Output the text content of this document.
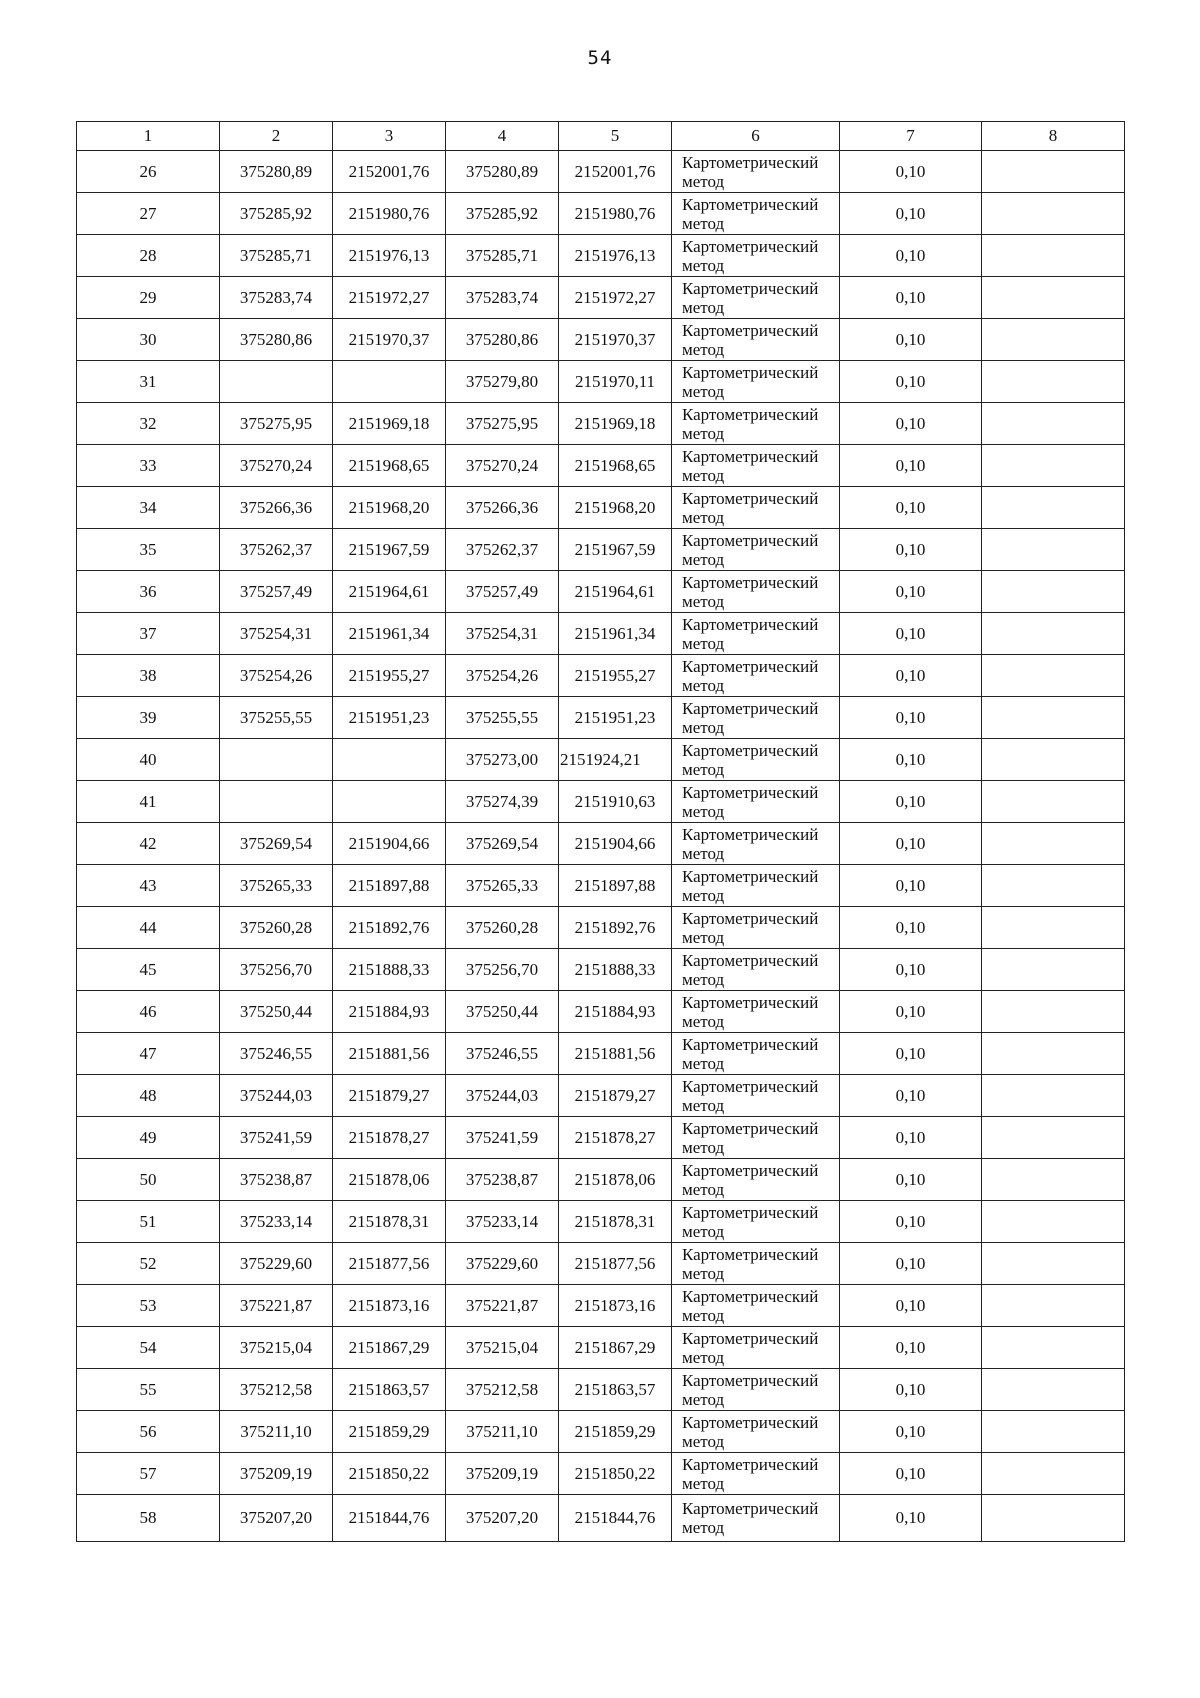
54
1	2	3	4	5	6	7	8
26	375280,89	2152001,76	375280,89	2152001,76	Картометрический метод	0,10	
27	375285,92	2151980,76	375285,92	2151980,76	Картометрический метод	0,10	
28	375285,71	2151976,13	375285,71	2151976,13	Картометрический метод	0,10	
29	375283,74	2151972,27	375283,74	2151972,27	Картометрический метод	0,10	
30	375280,86	2151970,37	375280,86	2151970,37	Картометрический метод	0,10	
31			375279,80	2151970,11	Картометрический метод	0,10	
32	375275,95	2151969,18	375275,95	2151969,18	Картометрический метод	0,10	
33	375270,24	2151968,65	375270,24	2151968,65	Картометрический метод	0,10	
34	375266,36	2151968,20	375266,36	2151968,20	Картометрический метод	0,10	
35	375262,37	2151967,59	375262,37	2151967,59	Картометрический метод	0,10	
36	375257,49	2151964,61	375257,49	2151964,61	Картометрический метод	0,10	
37	375254,31	2151961,34	375254,31	2151961,34	Картометрический метод	0,10	
38	375254,26	2151955,27	375254,26	2151955,27	Картометрический метод	0,10	
39	375255,55	2151951,23	375255,55	2151951,23	Картометрический метод	0,10	
40			375273,00	2151924,21	Картометрический метод	0,10	
41			375274,39	2151910,63	Картометрический метод	0,10	
42	375269,54	2151904,66	375269,54	2151904,66	Картометрический метод	0,10	
43	375265,33	2151897,88	375265,33	2151897,88	Картометрический метод	0,10	
44	375260,28	2151892,76	375260,28	2151892,76	Картометрический метод	0,10	
45	375256,70	2151888,33	375256,70	2151888,33	Картометрический метод	0,10	
46	375250,44	2151884,93	375250,44	2151884,93	Картометрический метод	0,10	
47	375246,55	2151881,56	375246,55	2151881,56	Картометрический метод	0,10	
48	375244,03	2151879,27	375244,03	2151879,27	Картометрический метод	0,10	
49	375241,59	2151878,27	375241,59	2151878,27	Картометрический метод	0,10	
50	375238,87	2151878,06	375238,87	2151878,06	Картометрический метод	0,10	
51	375233,14	2151878,31	375233,14	2151878,31	Картометрический метод	0,10	
52	375229,60	2151877,56	375229,60	2151877,56	Картометрический метод	0,10	
53	375221,87	2151873,16	375221,87	2151873,16	Картометрический метод	0,10	
54	375215,04	2151867,29	375215,04	2151867,29	Картометрический метод	0,10	
55	375212,58	2151863,57	375212,58	2151863,57	Картометрический метод	0,10	
56	375211,10	2151859,29	375211,10	2151859,29	Картометрический метод	0,10	
57	375209,19	2151850,22	375209,19	2151850,22	Картометрический метод	0,10	
58	375207,20	2151844,76	375207,20	2151844,76	Картометрический метод	0,10	
